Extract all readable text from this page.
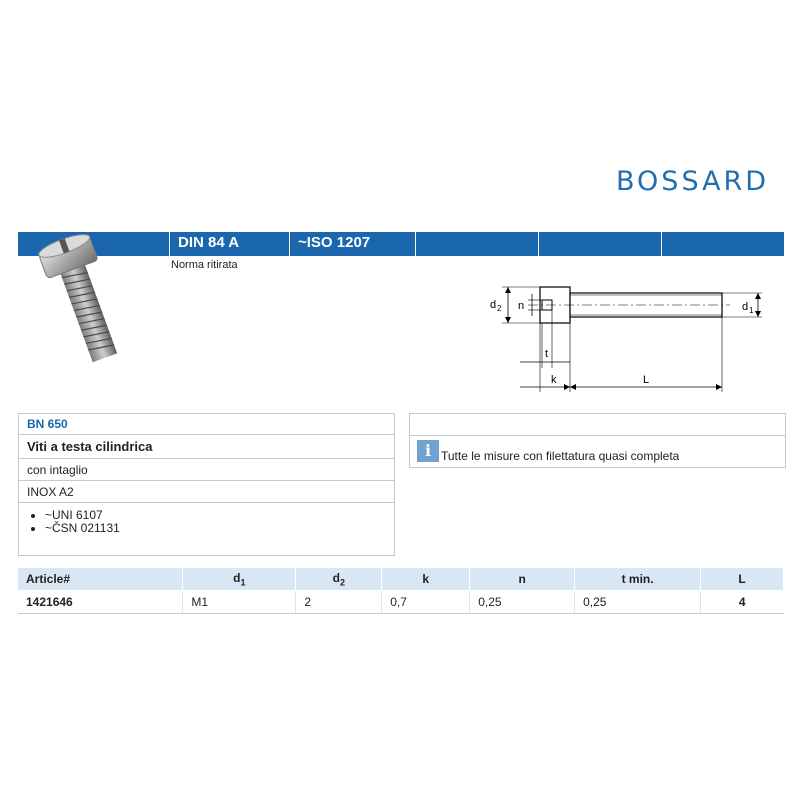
BOSSARD
DIN 84 A	~ISO 1207
Norma ritirata
d 2 n	d 1
t
k	L
BN 650
Viti a testa cilindrica
con intaglio
INOX A2
• ~UNI 6107
• ~ČSN 021131
i Tutte le misure con filettatura quasi completa
Article#	$d_1$	$d_2$	k	n	t min.	L
1421646	M1	2	0,7	0,25	0,25	4
